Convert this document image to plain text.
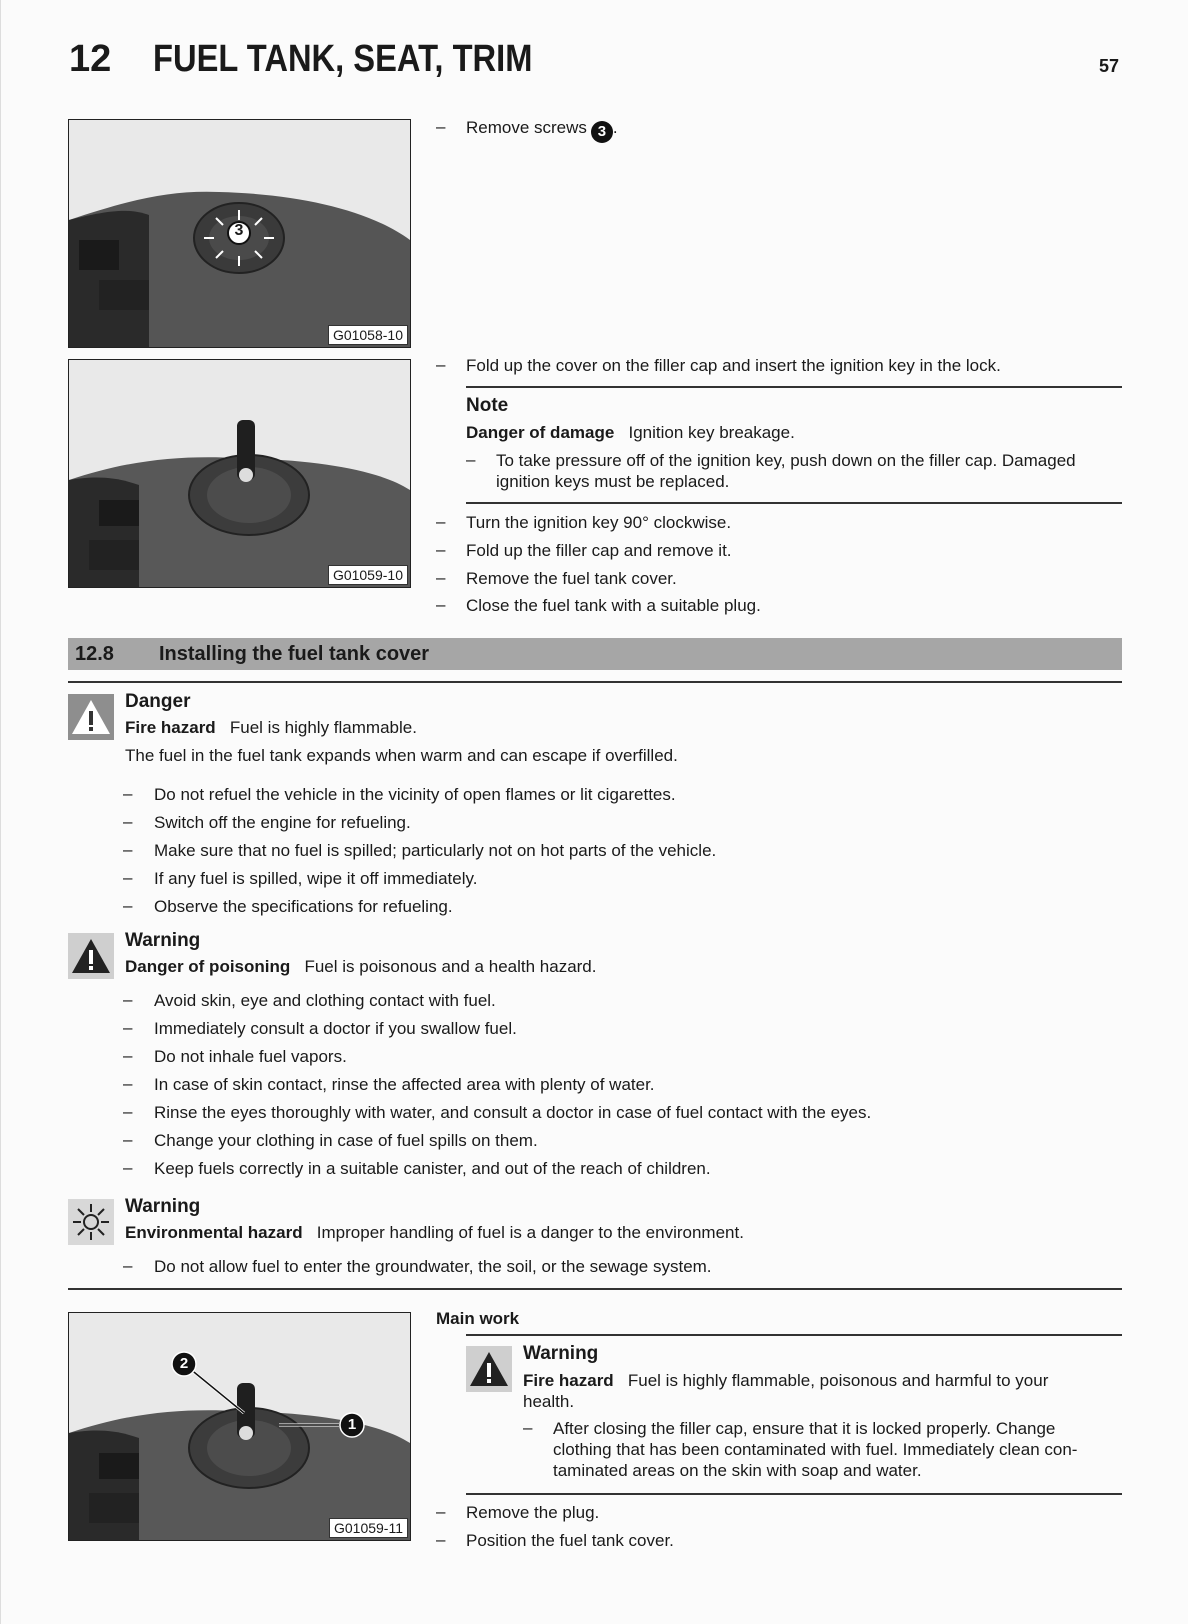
12 FUEL TANK, SEAT, TRIM	57
3
G01058-10
G01059-10
– Remove screws 3 .
– Fold up the cover on the filler cap and insert the ignition key in the lock.
Note
Danger of damage Ignition key breakage.
– To take pressure off of the ignition key, push down on the filler cap. Damaged
ignition keys must be replaced.
– Turn the ignition key 90° clockwise.
– Fold up the filler cap and remove it.
– Remove the fuel tank cover.
– Close the fuel tank with a suitable plug.
12.8 Installing the fuel tank cover
Danger
Fire hazard Fuel is highly flammable.
The fuel in the fuel tank expands when warm and can escape if overfilled.
– Do not refuel the vehicle in the vicinity of open flames or lit cigarettes.
– Switch off the engine for refueling.
– Make sure that no fuel is spilled; particularly not on hot parts of the vehicle.
– If any fuel is spilled, wipe it off immediately.
– Observe the specifications for refueling.
Warning
Danger of poisoning Fuel is poisonous and a health hazard.
– Avoid skin, eye and clothing contact with fuel.
– Immediately consult a doctor if you swallow fuel.
– Do not inhale fuel vapors.
– In case of skin contact, rinse the affected area with plenty of water.
– Rinse the eyes thoroughly with water, and consult a doctor in case of fuel contact with the eyes.
– Change your clothing in case of fuel spills on them.
– Keep fuels correctly in a suitable canister, and out of the reach of children.
Warning
Environmental hazard Improper handling of fuel is a danger to the environment.
– Do not allow fuel to enter the groundwater, the soil, or the sewage system.
2
1
G01059-11
Main work
Warning
Fire hazard Fuel is highly flammable, poisonous and harmful to your
health.
– After closing the filler cap, ensure that it is locked properly. Change
clothing that has been contaminated with fuel. Immediately clean con-
taminated areas on the skin with soap and water.
– Remove the plug.
– Position the fuel tank cover.
